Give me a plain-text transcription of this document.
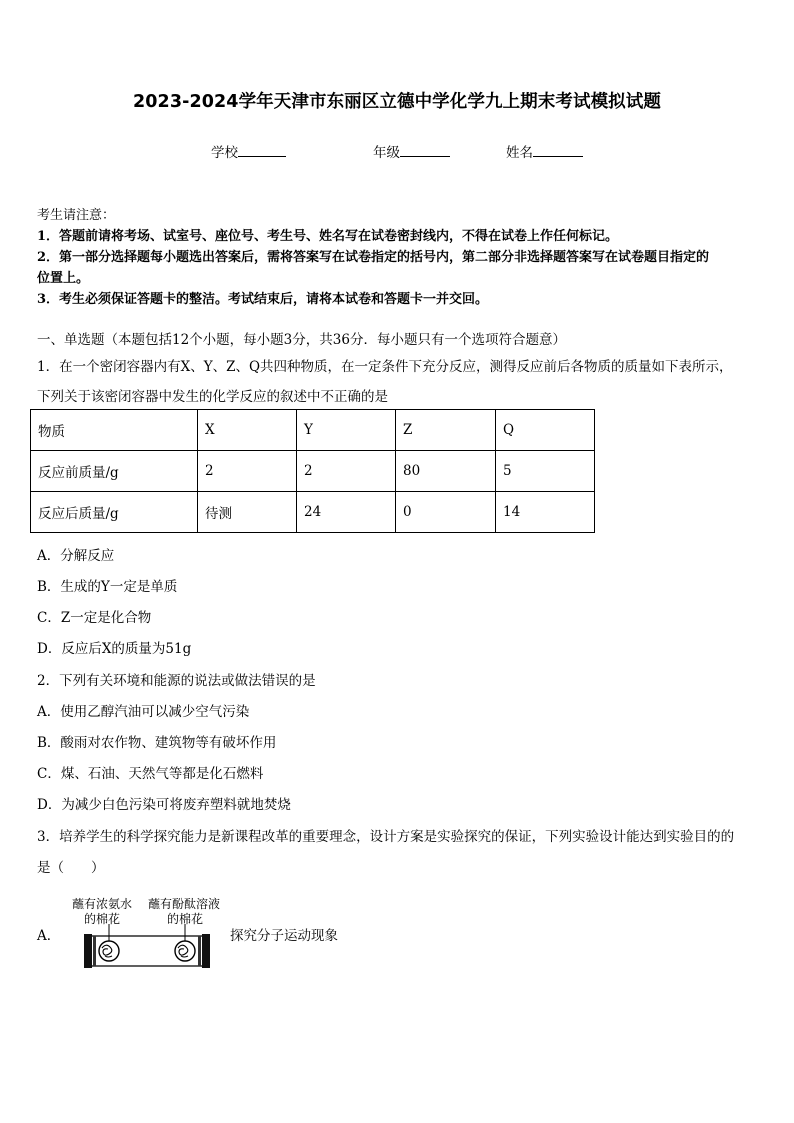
2023-2024学年天津市东丽区立德中学化学九上期末考试模拟试题
学校	年级	姓名
考生请注意：
1．答题前请将考场、试室号、座位号、考生号、姓名写在试卷密封线内，不得在试卷上作任何标记。
2．第一部分选择题每小题选出答案后，需将答案写在试卷指定的括号内，第二部分非选择题答案写在试卷题目指定的
位置上。
3．考生必须保证答题卡的整洁。考试结束后，请将本试卷和答题卡一并交回。
一、单选题（本题包括12个小题，每小题3分，共36分．每小题只有一个选项符合题意）
1．在一个密闭容器内有X、Y、Z、Q共四种物质，在一定条件下充分反应，测得反应前后各物质的质量如下表所示，
下列关于该密闭容器中发生的化学反应的叙述中不正确的是
物质	X	Y	Z	Q
反应前质量/g	2	2	80	5
反应后质量/g	待测	24	0	14
A．分解反应
B．生成的Y一定是单质
C．Z一定是化合物
D．反应后X的质量为51g
2．下列有关环境和能源的说法或做法错误的是
A．使用乙醇汽油可以减少空气污染
B．酸雨对农作物、建筑物等有破坏作用
C．煤、石油、天然气等都是化石燃料
D．为减少白色污染可将废弃塑料就地焚烧
3．培养学生的科学探究能力是新课程改革的重要理念，设计方案是实验探究的保证，下列实验设计能达到实验目的的
是（　　）
A．
蘸有浓氨水
的棉花
蘸有酚酞溶液
的棉花
探究分子运动现象
